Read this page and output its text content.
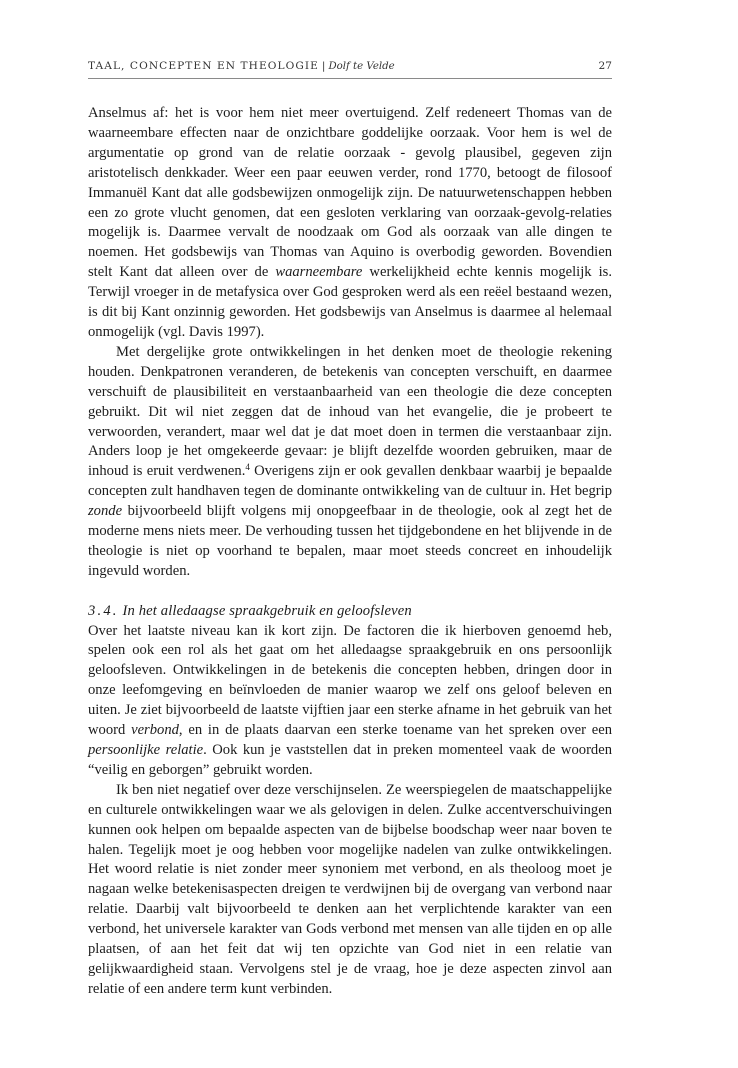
TAAL, CONCEPTEN EN THEOLOGIE | Dolf te Velde	27

Anselmus af: het is voor hem niet meer overtuigend. Zelf redeneert Thomas van de waarneembare effecten naar de onzichtbare goddelijke oorzaak. Voor hem is wel de argumentatie op grond van de relatie oorzaak - gevolg plausibel, gegeven zijn aristotelisch denkkader. Weer een paar eeuwen verder, rond 1770, betoogt de filosoof Immanuël Kant dat alle godsbewijzen onmogelijk zijn. De natuurwetenschappen hebben een zo grote vlucht genomen, dat een gesloten verklaring van oorzaak-gevolg-relaties mogelijk is. Daarmee vervalt de noodzaak om God als oorzaak van alle dingen te noemen. Het godsbewijs van Thomas van Aquino is overbodig geworden. Bovendien stelt Kant dat alleen over de waarneembare werkelijkheid echte kennis mogelijk is. Terwijl vroeger in de metafysica over God gesproken werd als een reëel bestaand wezen, is dit bij Kant onzinnig geworden. Het godsbewijs van Anselmus is daarmee al helemaal onmogelijk (vgl. Davis 1997).

Met dergelijke grote ontwikkelingen in het denken moet de theologie rekening houden. Denkpatronen veranderen, de betekenis van concepten verschuift, en daarmee verschuift de plausibiliteit en verstaanbaarheid van een theologie die deze concepten gebruikt. Dit wil niet zeggen dat de inhoud van het evangelie, die je probeert te verwoorden, verandert, maar wel dat je dat moet doen in termen die verstaanbaar zijn. Anders loop je het omgekeerde gevaar: je blijft dezelfde woorden gebruiken, maar de inhoud is eruit verdwenen.$^4$ Overigens zijn er ook gevallen denkbaar waarbij je bepaalde concepten zult handhaven tegen de dominante ontwikkeling van de cultuur in. Het begrip zonde bijvoorbeeld blijft volgens mij onopgeefbaar in de theologie, ook al zegt het de moderne mens niets meer. De verhouding tussen het tijdgebondene en het blijvende in de theologie is niet op voorhand te bepalen, maar moet steeds concreet en inhoudelijk ingevuld worden.

3.4. In het alledaagse spraakgebruik en geloofsleven

Over het laatste niveau kan ik kort zijn. De factoren die ik hierboven genoemd heb, spelen ook een rol als het gaat om het alledaagse spraakgebruik en ons persoonlijk geloofsleven. Ontwikkelingen in de betekenis die concepten hebben, dringen door in onze leefomgeving en beïnvloeden de manier waarop we zelf ons geloof beleven en uiten. Je ziet bijvoorbeeld de laatste vijftien jaar een sterke afname in het gebruik van het woord verbond, en in de plaats daarvan een sterke toename van het spreken over een persoonlijke relatie. Ook kun je vaststellen dat in preken momenteel vaak de woorden “veilig en geborgen” gebruikt worden.

Ik ben niet negatief over deze verschijnselen. Ze weerspiegelen de maatschappelijke en culturele ontwikkelingen waar we als gelovigen in delen. Zulke accentverschuivingen kunnen ook helpen om bepaalde aspecten van de bijbelse boodschap weer naar boven te halen. Tegelijk moet je oog hebben voor mogelijke nadelen van zulke ontwikkelingen. Het woord relatie is niet zonder meer synoniem met verbond, en als theoloog moet je nagaan welke betekenisaspecten dreigen te verdwijnen bij de overgang van verbond naar relatie. Daarbij valt bijvoorbeeld te denken aan het verplichtende karakter van een verbond, het universele karakter van Gods verbond met mensen van alle tijden en op alle plaatsen, of aan het feit dat wij ten opzichte van God niet in een relatie van gelijkwaardigheid staan. Vervolgens stel je de vraag, hoe je deze aspecten zinvol aan relatie of een andere term kunt verbinden.
